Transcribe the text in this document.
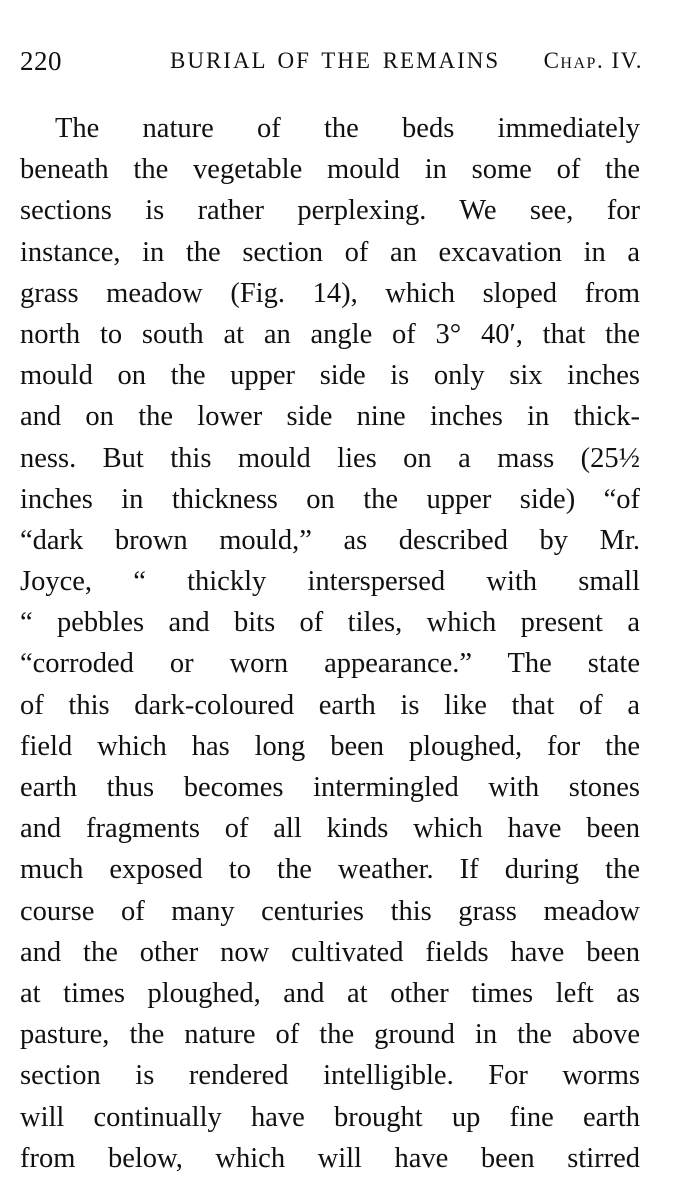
220	BURIAL OF THE REMAINS Chap. IV.
The nature of the beds immediately
beneath the vegetable mould in some of the
sections is rather perplexing. We see, for
instance, in the section of an excavation in a
grass meadow (Fig. 14), which sloped from
north to south at an angle of 3° 40′, that the
mould on the upper side is only six inches
and on the lower side nine inches in thick-
ness. But this mould lies on a mass (25½
inches in thickness on the upper side) “of
“dark brown mould,” as described by Mr.
Joyce, “ thickly interspersed with small
“ pebbles and bits of tiles, which present a
“corroded or worn appearance.” The state
of this dark-coloured earth is like that of a
field which has long been ploughed, for the
earth thus becomes intermingled with stones
and fragments of all kinds which have been
much exposed to the weather. If during the
course of many centuries this grass meadow
and the other now cultivated fields have been
at times ploughed, and at other times left as
pasture, the nature of the ground in the above
section is rendered intelligible. For worms
will continually have brought up fine earth
from below, which will have been stirred
